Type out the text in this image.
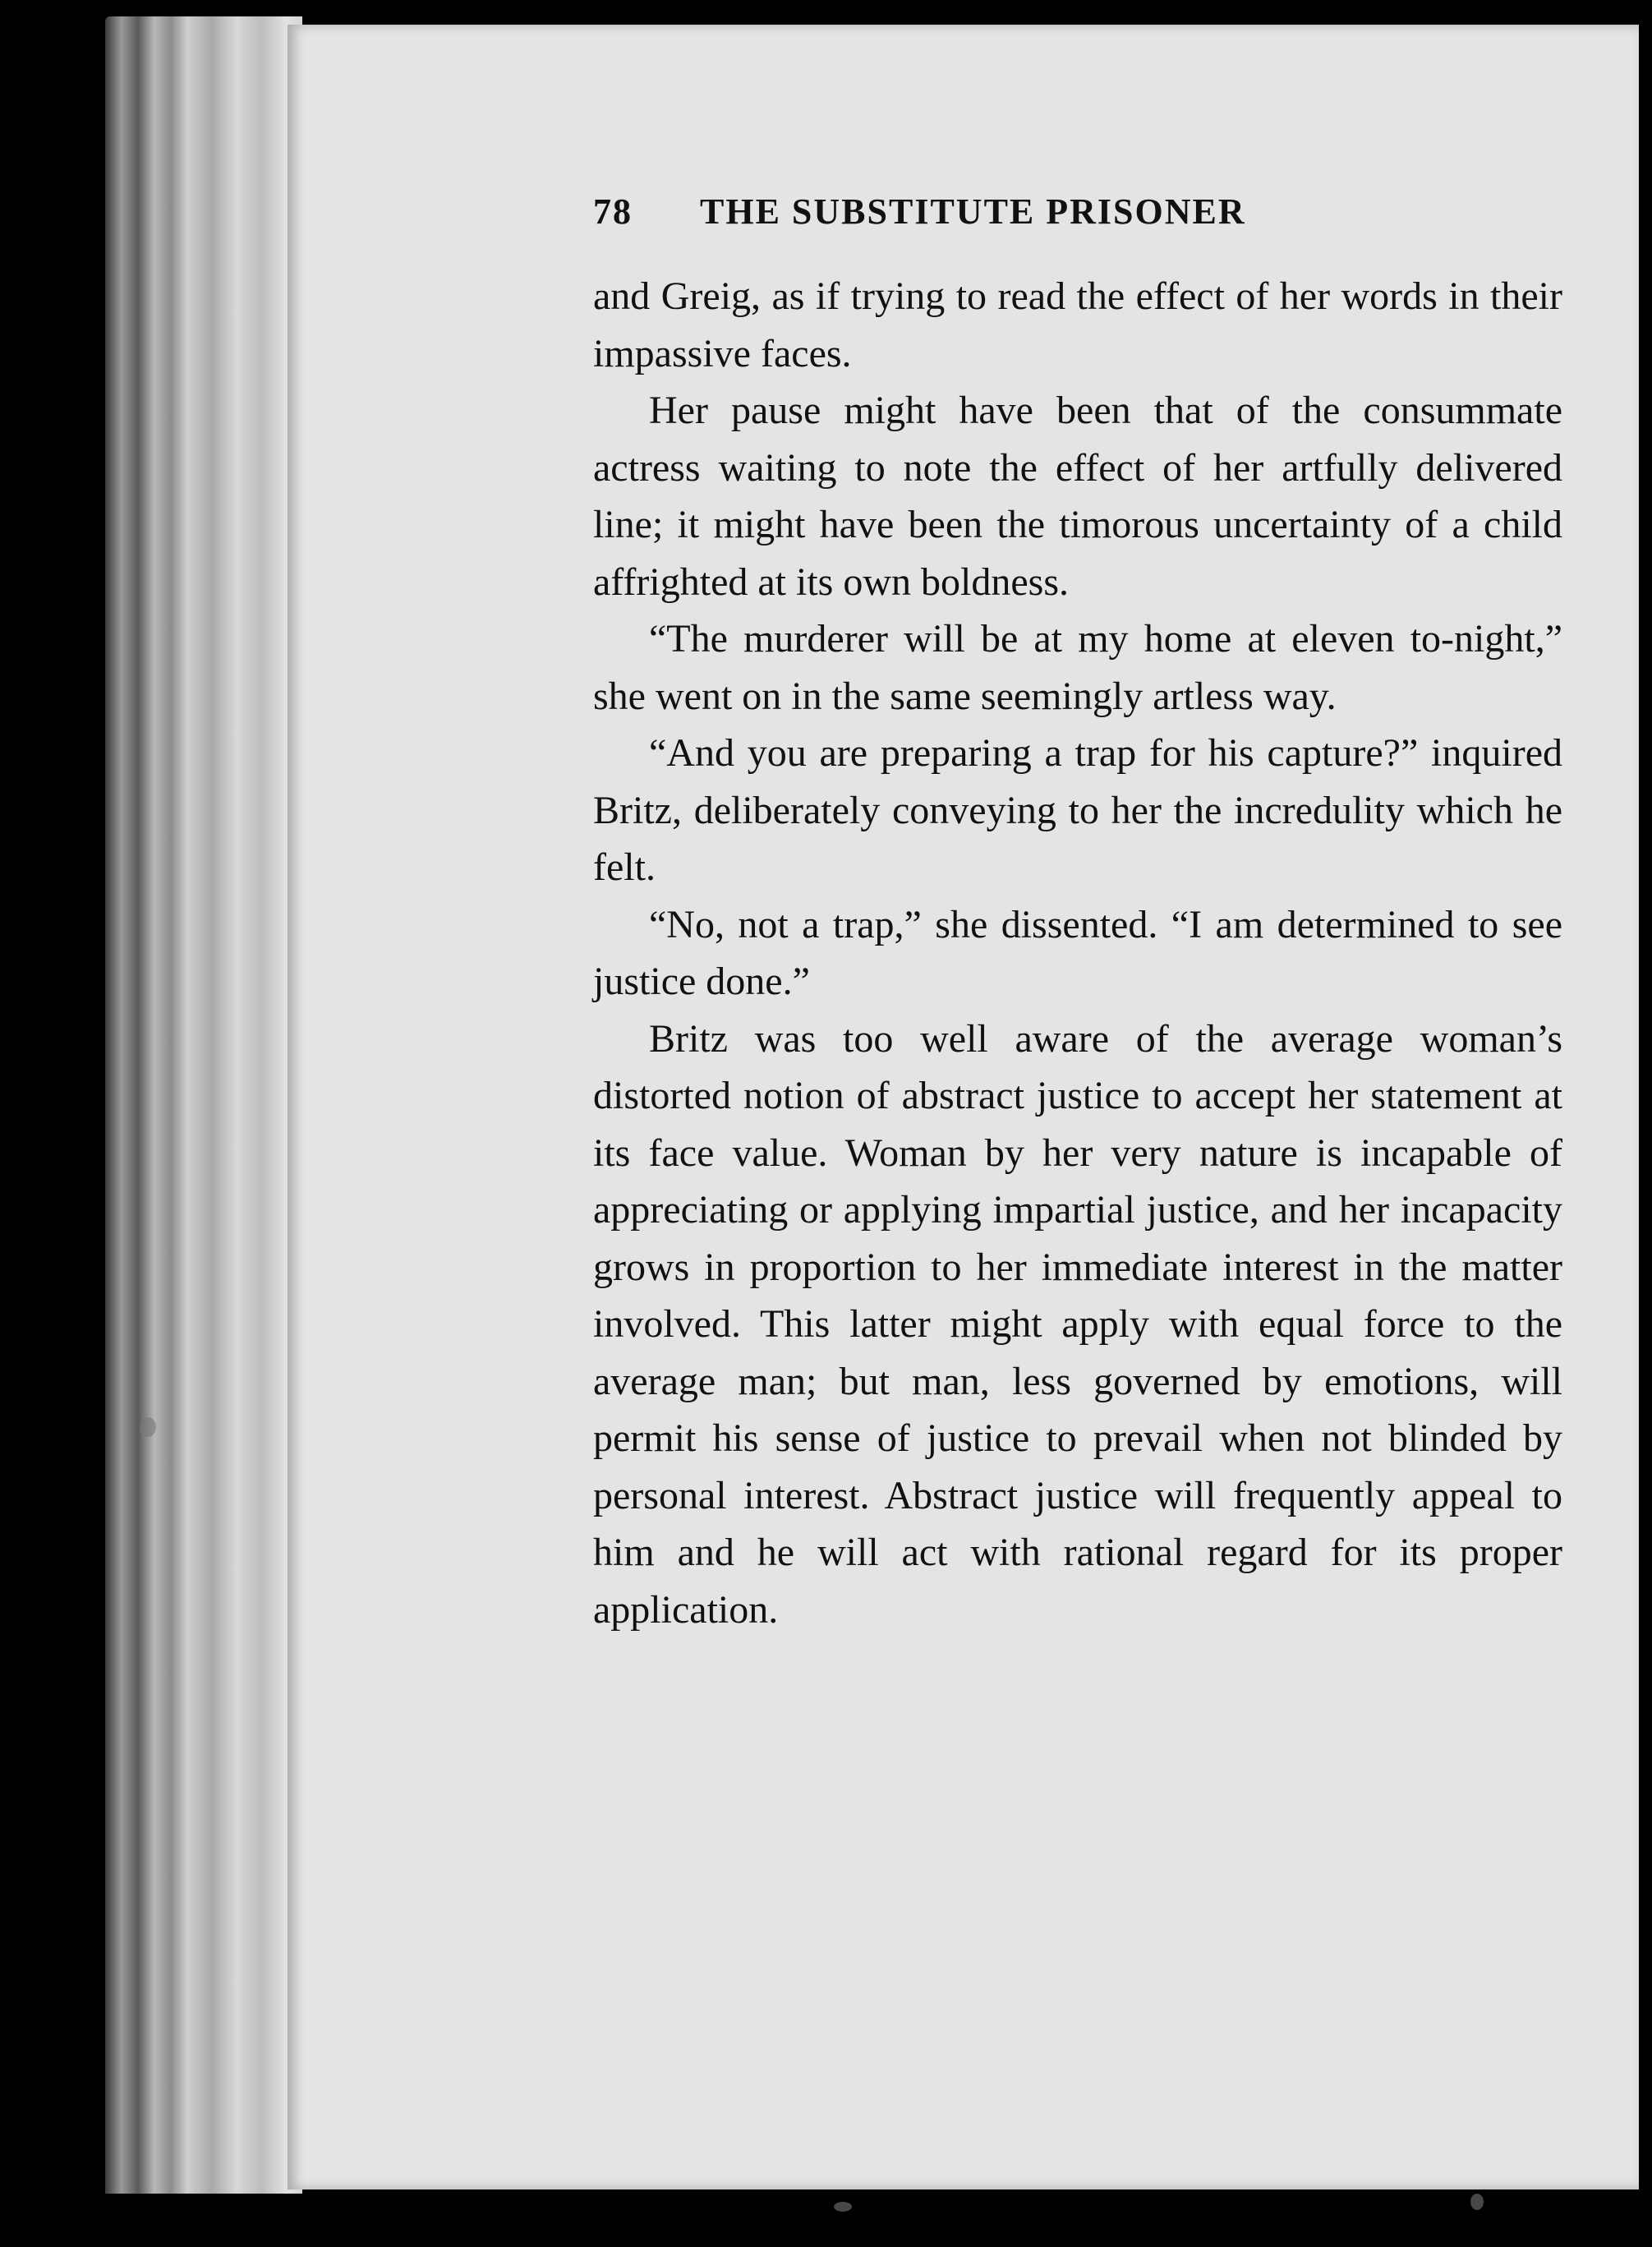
78	THE SUBSTITUTE PRISONER

and Greig, as if trying to read the effect of her words in their impassive faces.

Her pause might have been that of the consummate actress waiting to note the effect of her artfully delivered line; it might have been the timorous uncertainty of a child affrighted at its own boldness.

“The murderer will be at my home at eleven to-night,” she went on in the same seemingly artless way.

“And you are preparing a trap for his capture?” inquired Britz, deliberately conveying to her the incredulity which he felt.

“No, not a trap,” she dissented. “I am determined to see justice done.”

Britz was too well aware of the average woman’s distorted notion of abstract justice to accept her statement at its face value. Woman by her very nature is incapable of appreciating or applying impartial justice, and her incapacity grows in proportion to her immediate interest in the matter involved. This latter might apply with equal force to the average man; but man, less governed by emotions, will permit his sense of justice to prevail when not blinded by personal interest. Abstract justice will frequently appeal to him and he will act with rational regard for its proper application.
